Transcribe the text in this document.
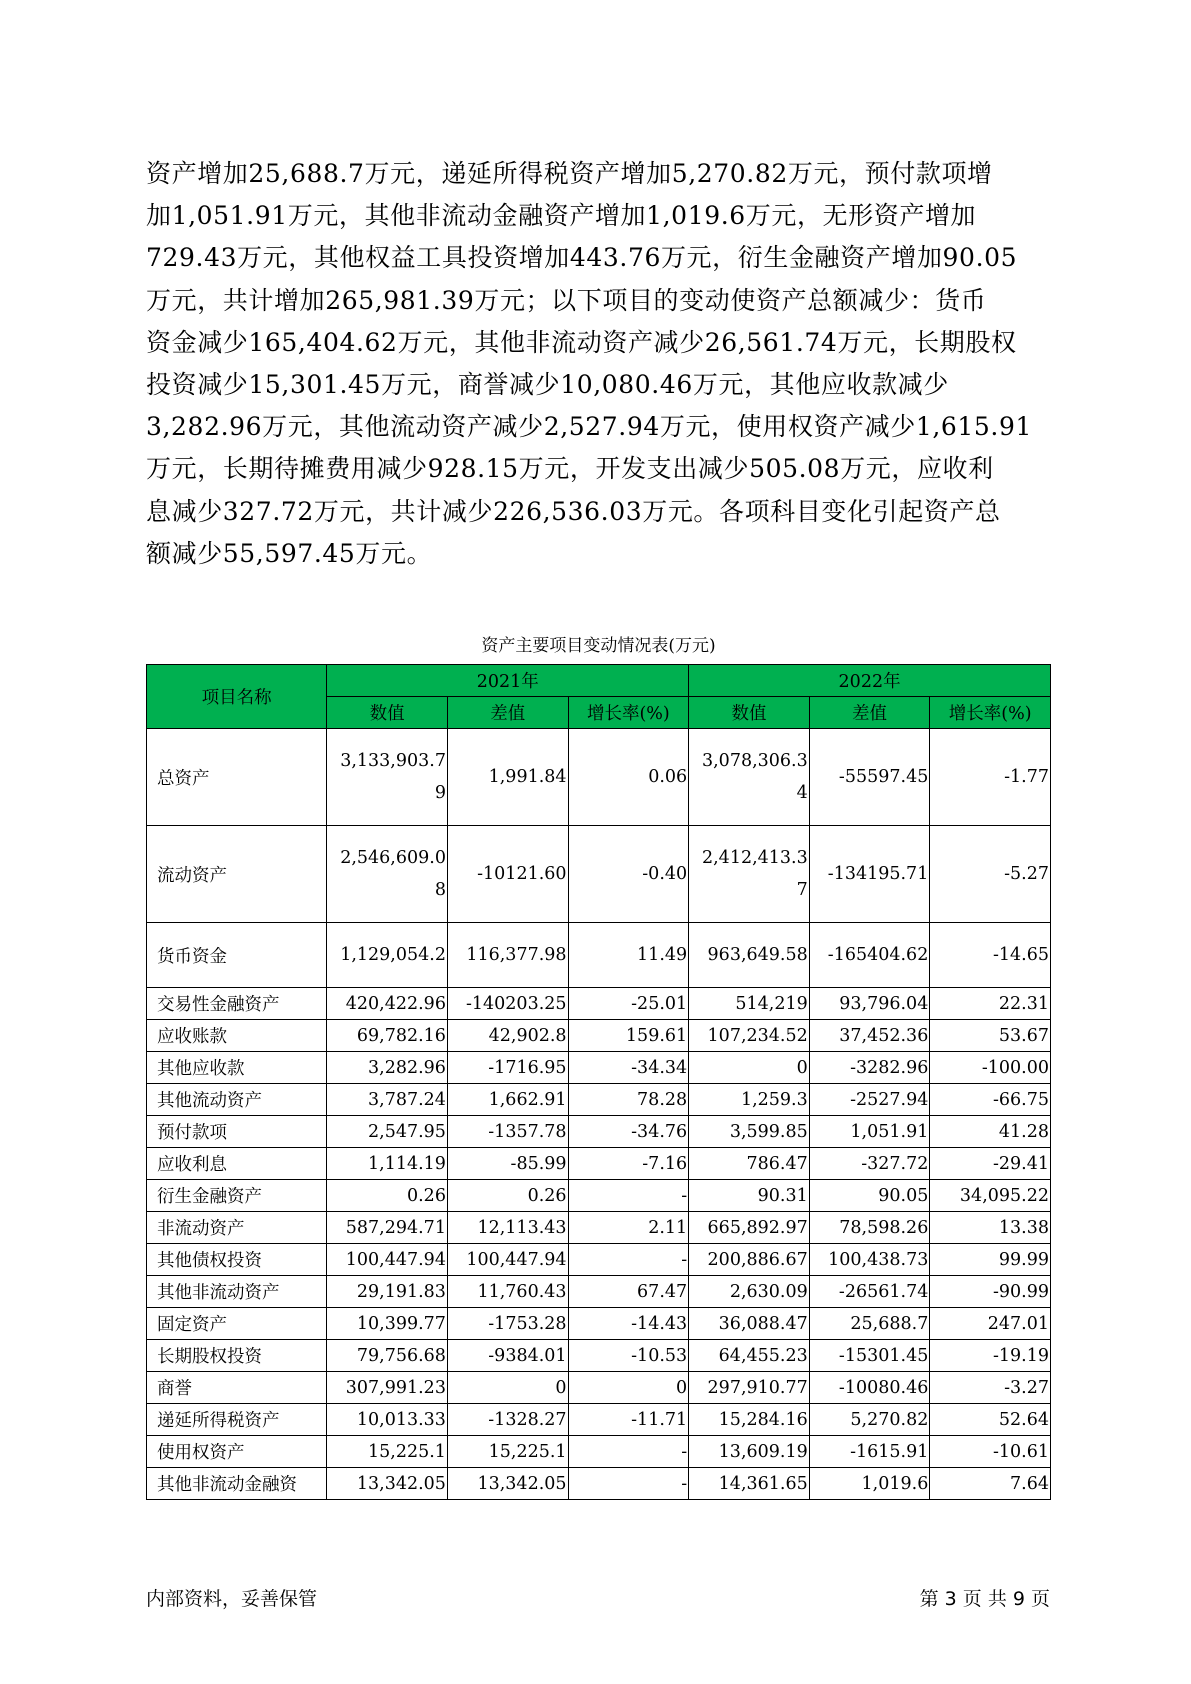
资产增加25,688.7万元，递延所得税资产增加5,270.82万元，预付款项增
加1,051.91万元，其他非流动金融资产增加1,019.6万元，无形资产增加
729.43万元，其他权益工具投资增加443.76万元，衍生金融资产增加90.05
万元，共计增加265,981.39万元；以下项目的变动使资产总额减少：货币
资金减少165,404.62万元，其他非流动资产减少26,561.74万元，长期股权
投资减少15,301.45万元，商誉减少10,080.46万元，其他应收款减少
3,282.96万元，其他流动资产减少2,527.94万元，使用权资产减少1,615.91
万元，长期待摊费用减少928.15万元，开发支出减少505.08万元，应收利
息减少327.72万元，共计减少226,536.03万元。各项科目变化引起资产总
额减少55,597.45万元。
资产主要项目变动情况表(万元)
项目名称	2021年			2022年		
	数值	差值	增长率(%)	数值	差值	增长率(%)
总资产	3,133,903.79	1,991.84	0.06	3,078,306.34	-55597.45	-1.77
流动资产	2,546,609.08	-10121.60	-0.40	2,412,413.37	-134195.71	-5.27
货币资金	1,129,054.2	116,377.98	11.49	963,649.58	-165404.62	-14.65
交易性金融资产	420,422.96	-140203.25	-25.01	514,219	93,796.04	22.31
应收账款	69,782.16	42,902.8	159.61	107,234.52	37,452.36	53.67
其他应收款	3,282.96	-1716.95	-34.34	0	-3282.96	-100.00
其他流动资产	3,787.24	1,662.91	78.28	1,259.3	-2527.94	-66.75
预付款项	2,547.95	-1357.78	-34.76	3,599.85	1,051.91	41.28
应收利息	1,114.19	-85.99	-7.16	786.47	-327.72	-29.41
衍生金融资产	0.26	0.26	-	90.31	90.05	34,095.22
非流动资产	587,294.71	12,113.43	2.11	665,892.97	78,598.26	13.38
其他债权投资	100,447.94	100,447.94	-	200,886.67	100,438.73	99.99
其他非流动资产	29,191.83	11,760.43	67.47	2,630.09	-26561.74	-90.99
固定资产	10,399.77	-1753.28	-14.43	36,088.47	25,688.7	247.01
长期股权投资	79,756.68	-9384.01	-10.53	64,455.23	-15301.45	-19.19
商誉	307,991.23	0	0	297,910.77	-10080.46	-3.27
递延所得税资产	10,013.33	-1328.27	-11.71	15,284.16	5,270.82	52.64
使用权资产	15,225.1	15,225.1	-	13,609.19	-1615.91	-10.61
其他非流动金融资	13,342.05	13,342.05	-	14,361.65	1,019.6	7.64
内部资料，妥善保管	第 3 页 共 9 页
